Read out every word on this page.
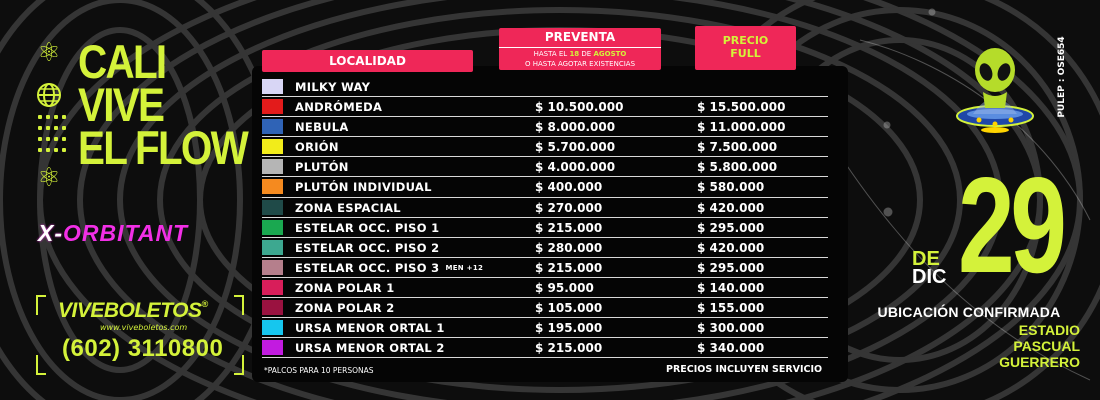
⚛
⚛
CALI
VIVE
EL FLOW
X-ORBITANT
VIVEBOLETOS®
www.viveboletos.com
(602) 3110800
LOCALIDAD
PREVENTA
HASTA EL 18 DE AGOSTO
O HASTA AGOTAR EXISTENCIAS
PRECIO
FULL
MILKY WAY
ANDRÓMEDA	$ 10.500.000	$ 15.500.000
NEBULA	$ 8.000.000	$ 11.000.000
ORIÓN	$ 5.700.000	$ 7.500.000
PLUTÓN	$ 4.000.000	$ 5.800.000
PLUTÓN INDIVIDUAL	$ 400.000	$ 580.000
ZONA ESPACIAL	$ 270.000	$ 420.000
ESTELAR OCC. PISO 1	$ 215.000	$ 295.000
ESTELAR OCC. PISO 2	$ 280.000	$ 420.000
ESTELAR OCC. PISO 3 MEN +12	$ 215.000	$ 295.000
ZONA POLAR 1	$ 95.000	$ 140.000
ZONA POLAR 2	$ 105.000	$ 155.000
URSA MENOR ORTAL 1	$ 195.000	$ 300.000
URSA MENOR ORTAL 2	$ 215.000	$ 340.000
*PALCOS PARA 10 PERSONAS	PRECIOS INCLUYEN SERVICIO
PULEP : OSE654
DE
DIC 29
UBICACIÓN CONFIRMADA
ESTADIO
PASCUAL
GUERRERO
